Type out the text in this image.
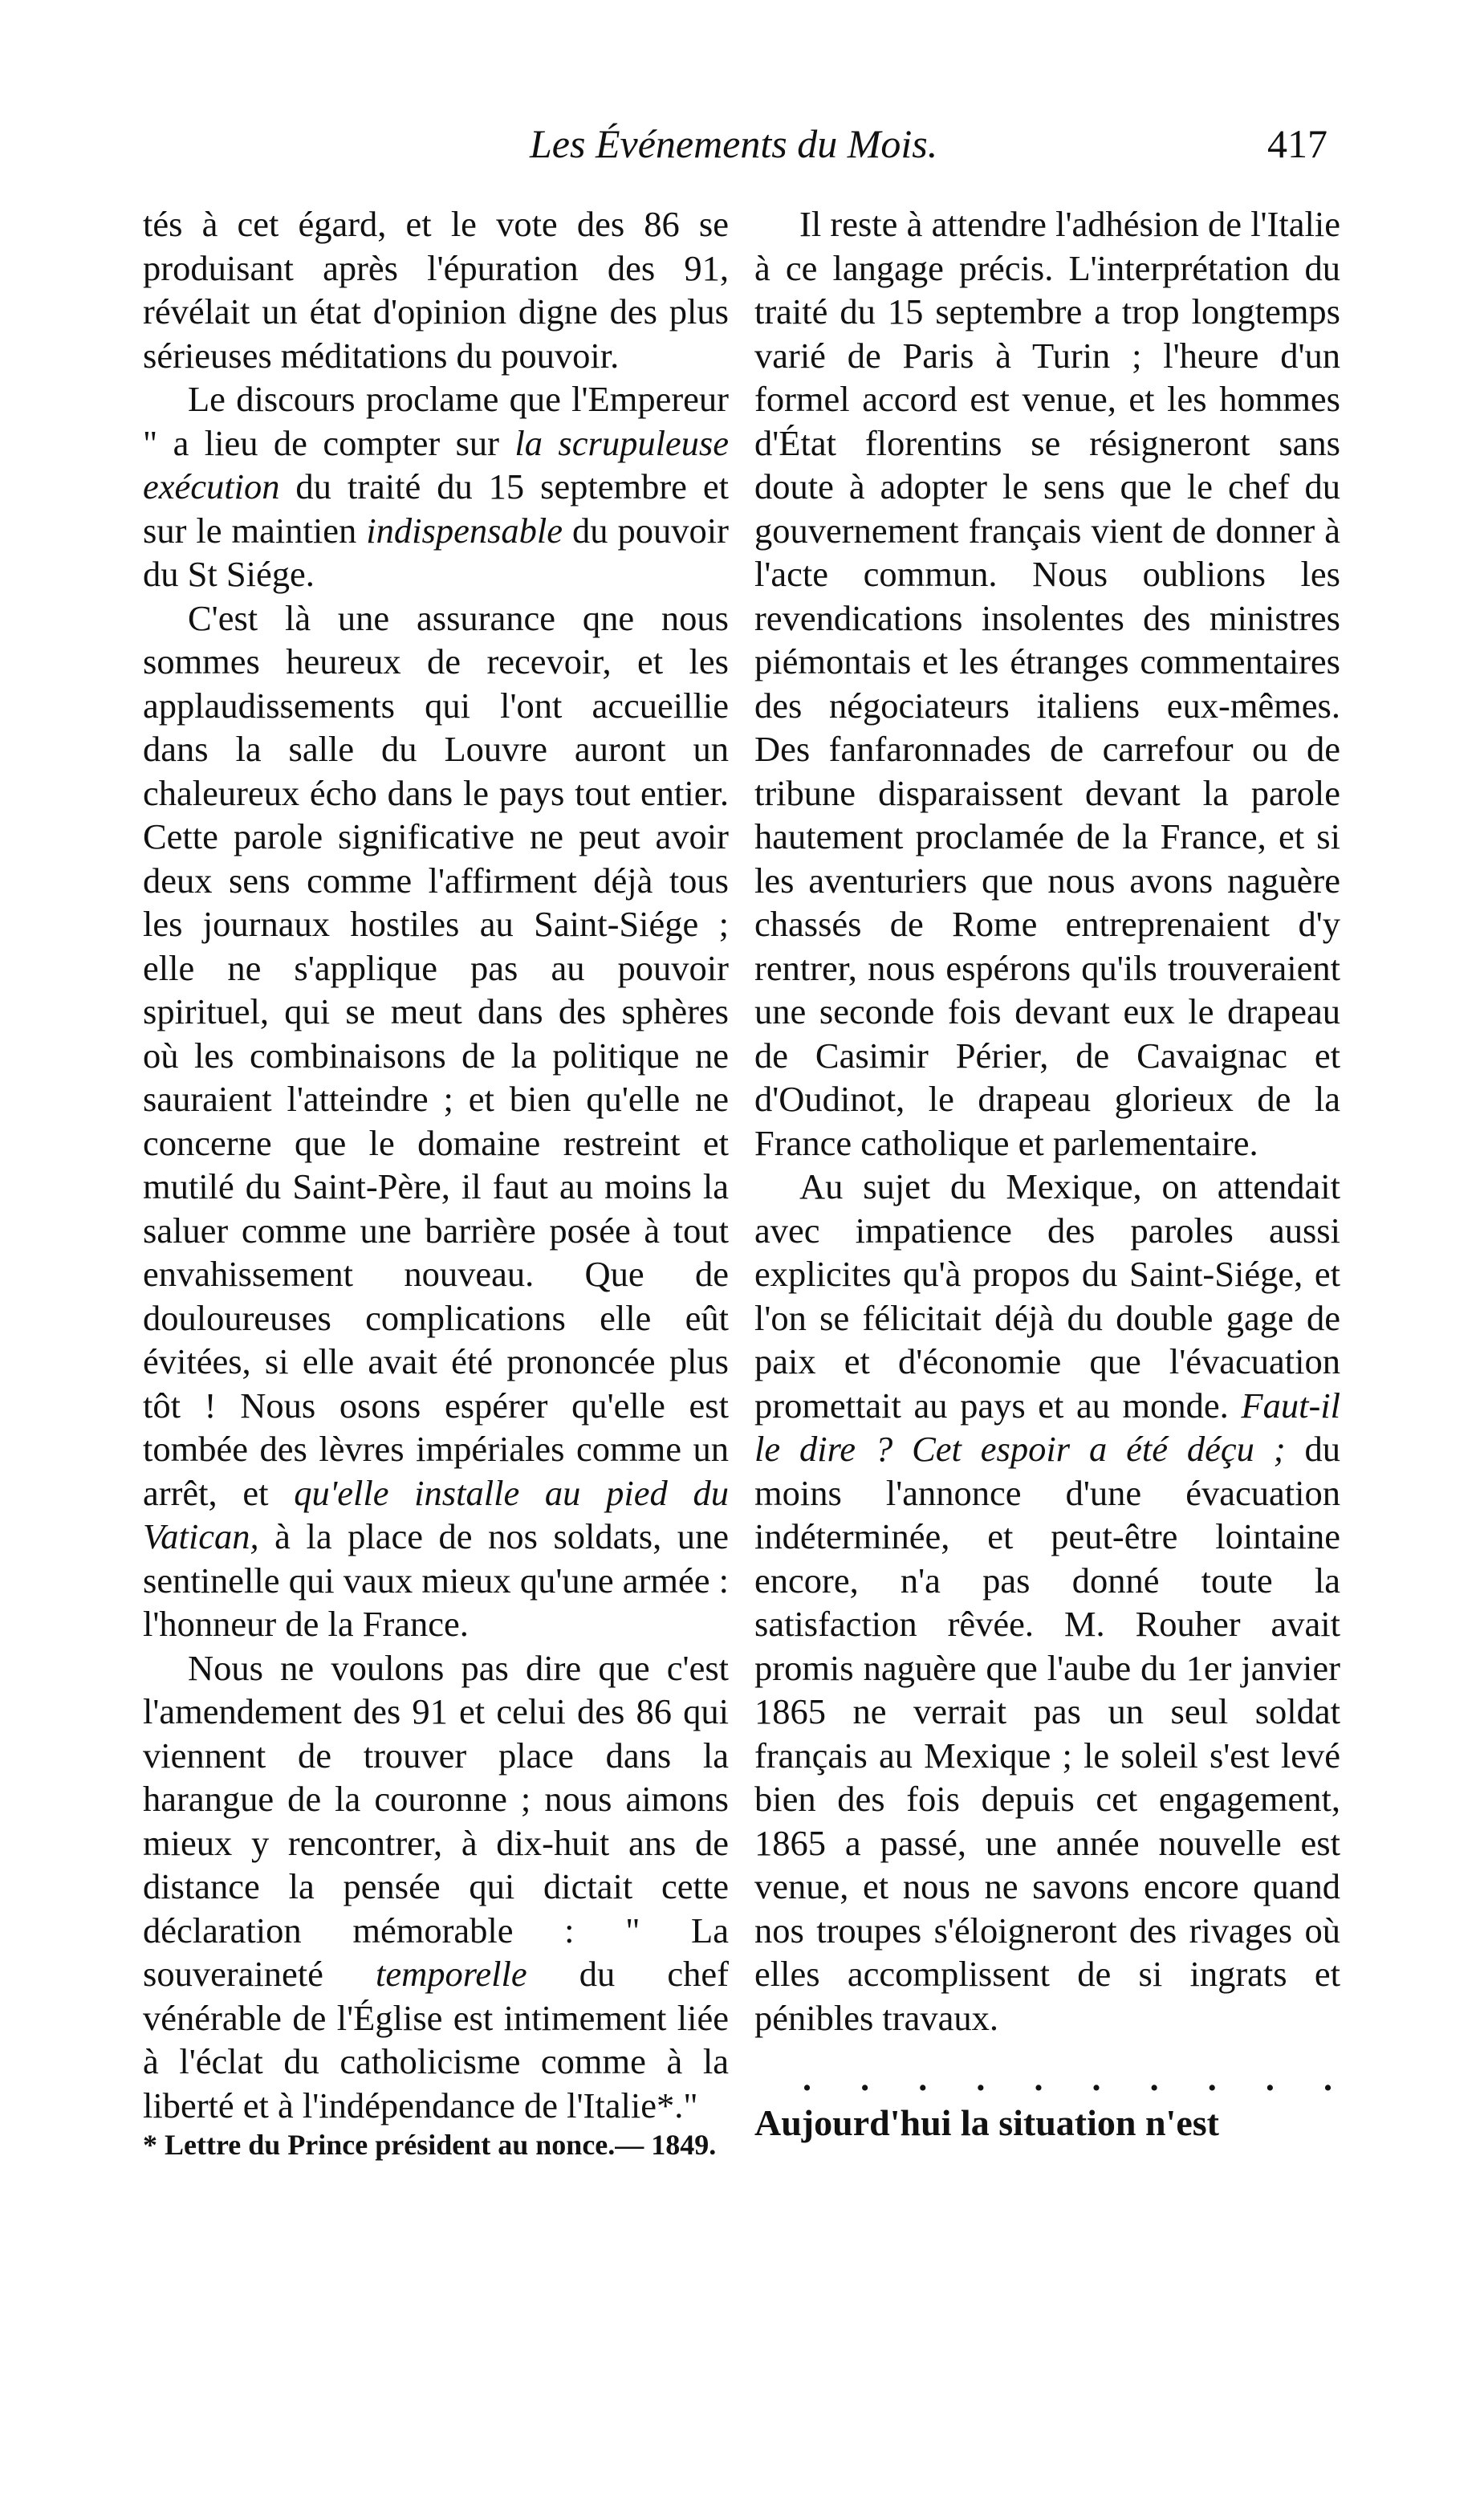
Les Événements du Mois.	417

tés à cet égard, et le vote des 86 se produisant après l'épuration des 91, révélait un état d'opinion digne des plus sérieuses méditations du pouvoir.

Le discours proclame que l'Empereur " a lieu de compter sur la scrupuleuse exécution du traité du 15 septembre et sur le maintien indispensable du pouvoir du St Siége.

C'est là une assurance qne nous sommes heureux de recevoir, et les applaudissements qui l'ont accueillie dans la salle du Louvre auront un chaleureux écho dans le pays tout entier. Cette parole significative ne peut avoir deux sens comme l'affirment déjà tous les journaux hostiles au Saint-Siége ; elle ne s'applique pas au pouvoir spirituel, qui se meut dans des sphères où les combinaisons de la politique ne sauraient l'atteindre ; et bien qu'elle ne concerne que le domaine restreint et mutilé du Saint-Père, il faut au moins la saluer comme une barrière posée à tout envahissement nouveau. Que de douloureuses complications elle eût évitées, si elle avait été prononcée plus tôt ! Nous osons espérer qu'elle est tombée des lèvres impériales comme un arrêt, et qu'elle installe au pied du Vatican, à la place de nos soldats, une sentinelle qui vaux mieux qu'une armée : l'honneur de la France.

Nous ne voulons pas dire que c'est l'amendement des 91 et celui des 86 qui viennent de trouver place dans la harangue de la couronne ; nous aimons mieux y rencontrer, à dix-huit ans de distance la pensée qui dictait cette déclaration mémorable : " La souveraineté temporelle du chef vénérable de l'Église est intimement liée à l'éclat du catholicisme comme à la liberté et à l'indépendance de l'Italie*."

* Lettre du Prince président au nonce.— 1849.

Il reste à attendre l'adhésion de l'Italie à ce langage précis. L'interprétation du traité du 15 septembre a trop longtemps varié de Paris à Turin ; l'heure d'un formel accord est venue, et les hommes d'État florentins se résigneront sans doute à adopter le sens que le chef du gouvernement français vient de donner à l'acte commun. Nous oublions les revendications insolentes des ministres piémontais et les étranges commentaires des négociateurs italiens eux-mêmes. Des fanfaronnades de carrefour ou de tribune disparaissent devant la parole hautement proclamée de la France, et si les aventuriers que nous avons naguère chassés de Rome entreprenaient d'y rentrer, nous espérons qu'ils trouveraient une seconde fois devant eux le drapeau de Casimir Périer, de Cavaignac et d'Oudinot, le drapeau glorieux de la France catholique et parlementaire.

Au sujet du Mexique, on attendait avec impatience des paroles aussi explicites qu'à propos du Saint-Siége, et l'on se félicitait déjà du double gage de paix et d'économie que l'évacuation promettait au pays et au monde. Faut-il le dire ? Cet espoir a été déçu ; du moins l'annonce d'une évacuation indéterminée, et peut-être lointaine encore, n'a pas donné toute la satisfaction rêvée. M. Rouher avait promis naguère que l'aube du 1er janvier 1865 ne verrait pas un seul soldat français au Mexique ; le soleil s'est levé bien des fois depuis cet engagement, 1865 a passé, une année nouvelle est venue, et nous ne savons encore quand nos troupes s'éloigneront des rivages où elles accomplissent de si ingrats et pénibles travaux.

. . . . . . . . . .

Aujourd'hui la situation n'est
